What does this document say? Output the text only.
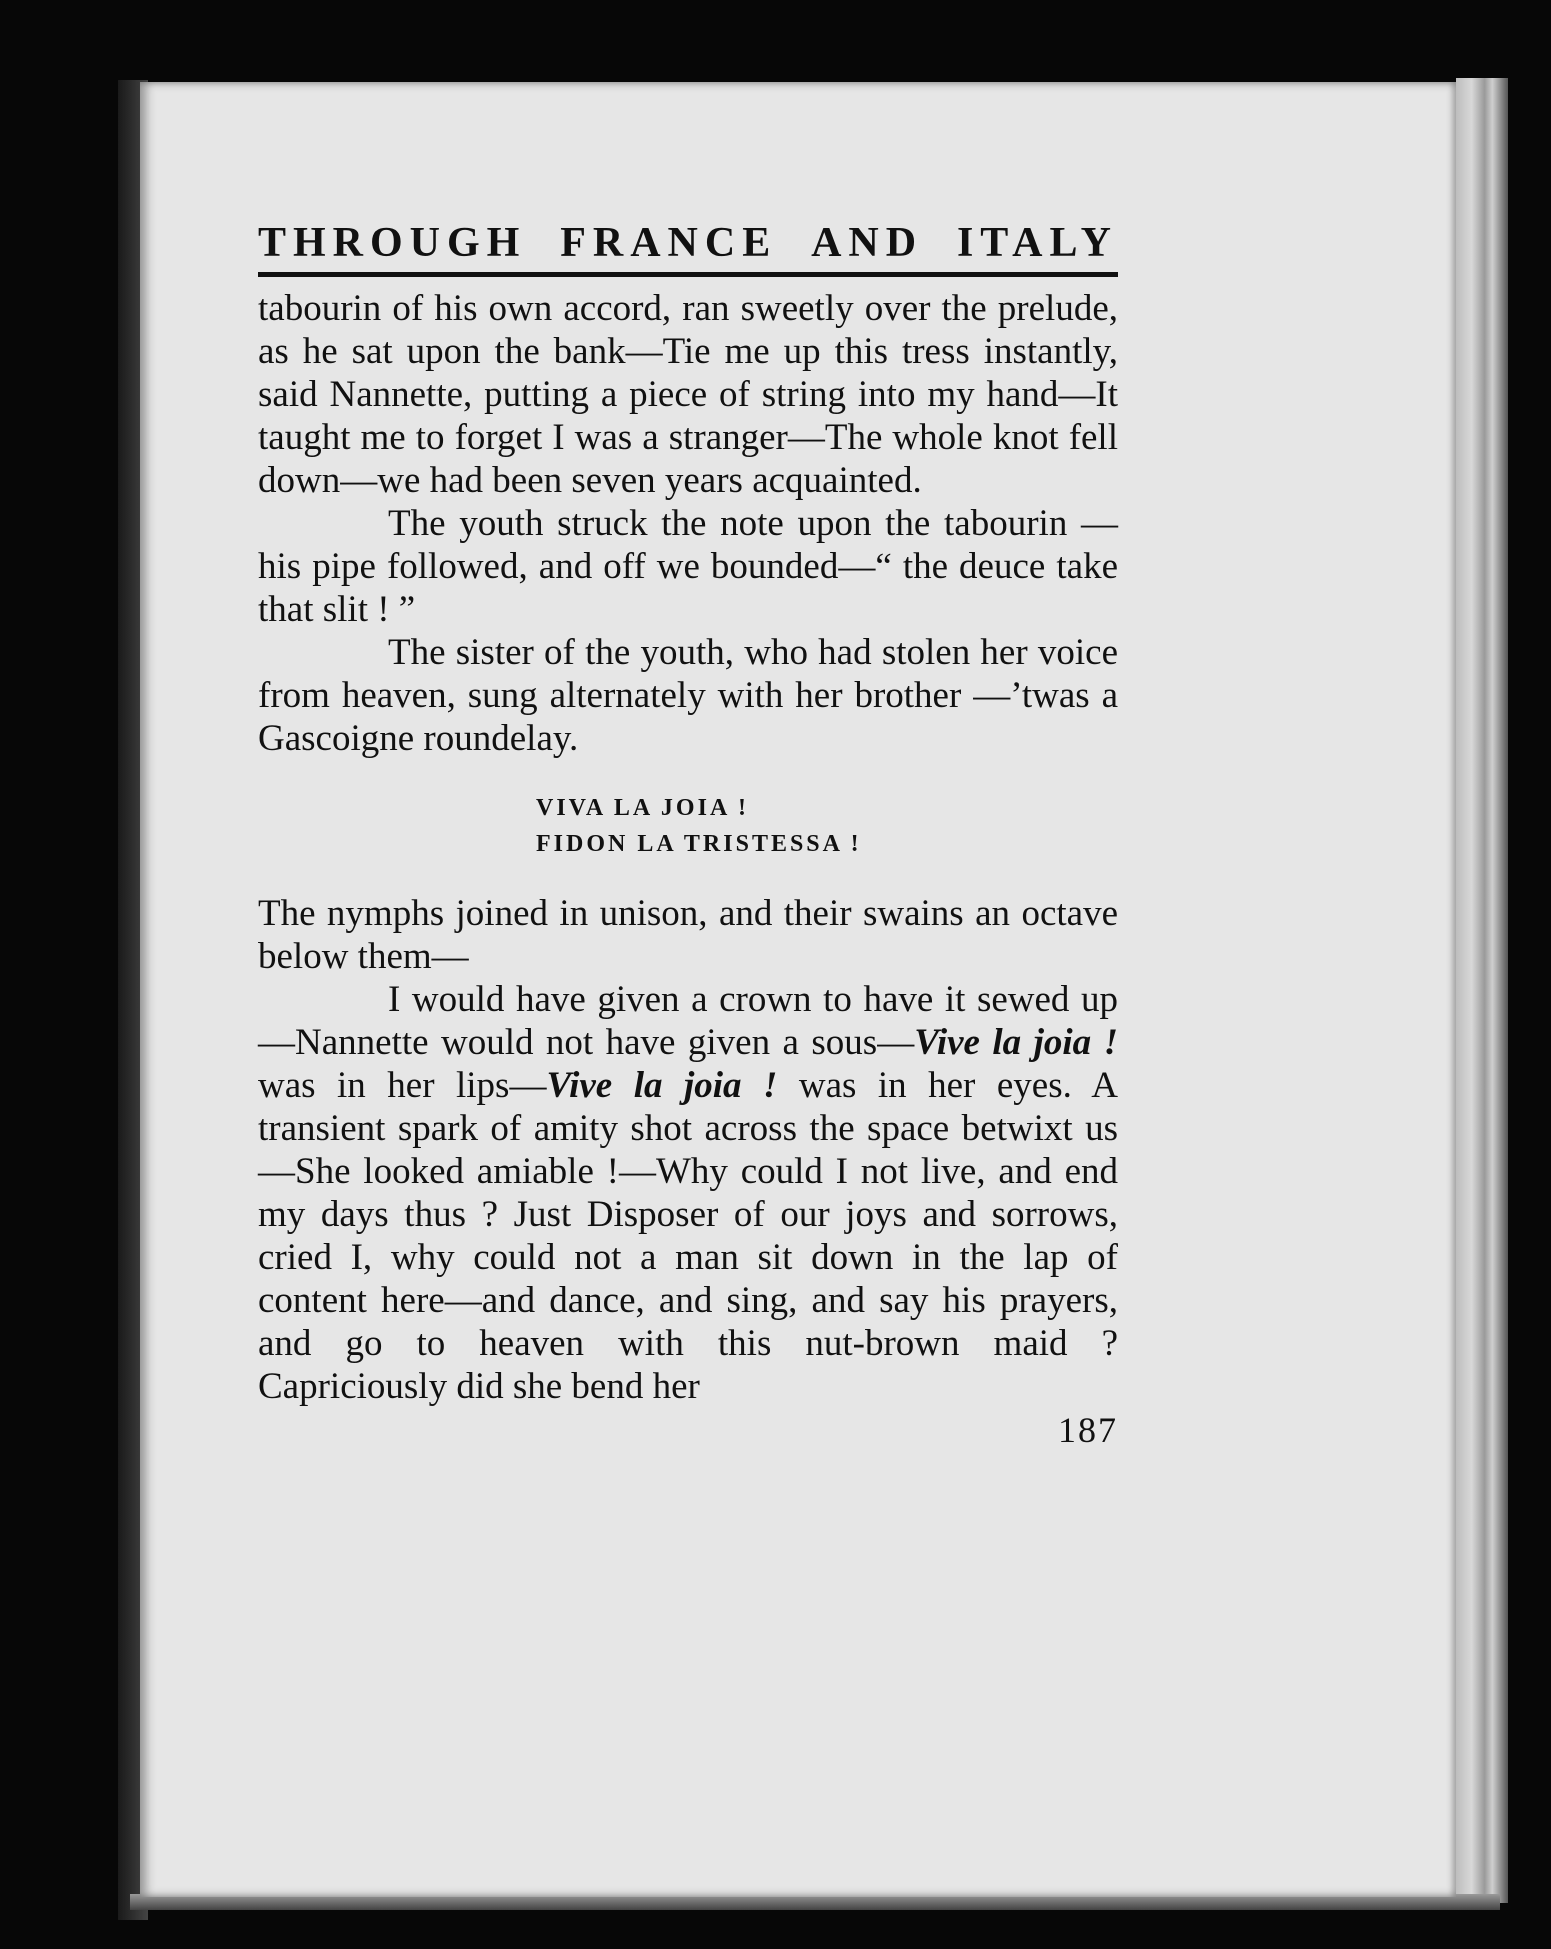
THROUGH FRANCE AND ITALY

tabourin of his own accord, ran sweetly over the prelude, as he sat upon the bank—Tie me up this tress instantly, said Nannette, putting a piece of string into my hand—It taught me to forget I was a stranger—The whole knot fell down—we had been seven years acquainted.

The youth struck the note upon the tabourin —his pipe followed, and off we bounded—“ the deuce take that slit ! ”

The sister of the youth, who had stolen her voice from heaven, sung alternately with her brother —’twas a Gascoigne roundelay.

VIVA LA JOIA !
FIDON LA TRISTESSA !

The nymphs joined in unison, and their swains an octave below them—

I would have given a crown to have it sewed up—Nannette would not have given a sous—Vive la joia ! was in her lips—Vive la joia ! was in her eyes. A transient spark of amity shot across the space betwixt us—She looked amiable !—Why could I not live, and end my days thus ? Just Disposer of our joys and sorrows, cried I, why could not a man sit down in the lap of content here—and dance, and sing, and say his prayers, and go to heaven with this nut-brown maid ? Capriciously did she bend her

187
